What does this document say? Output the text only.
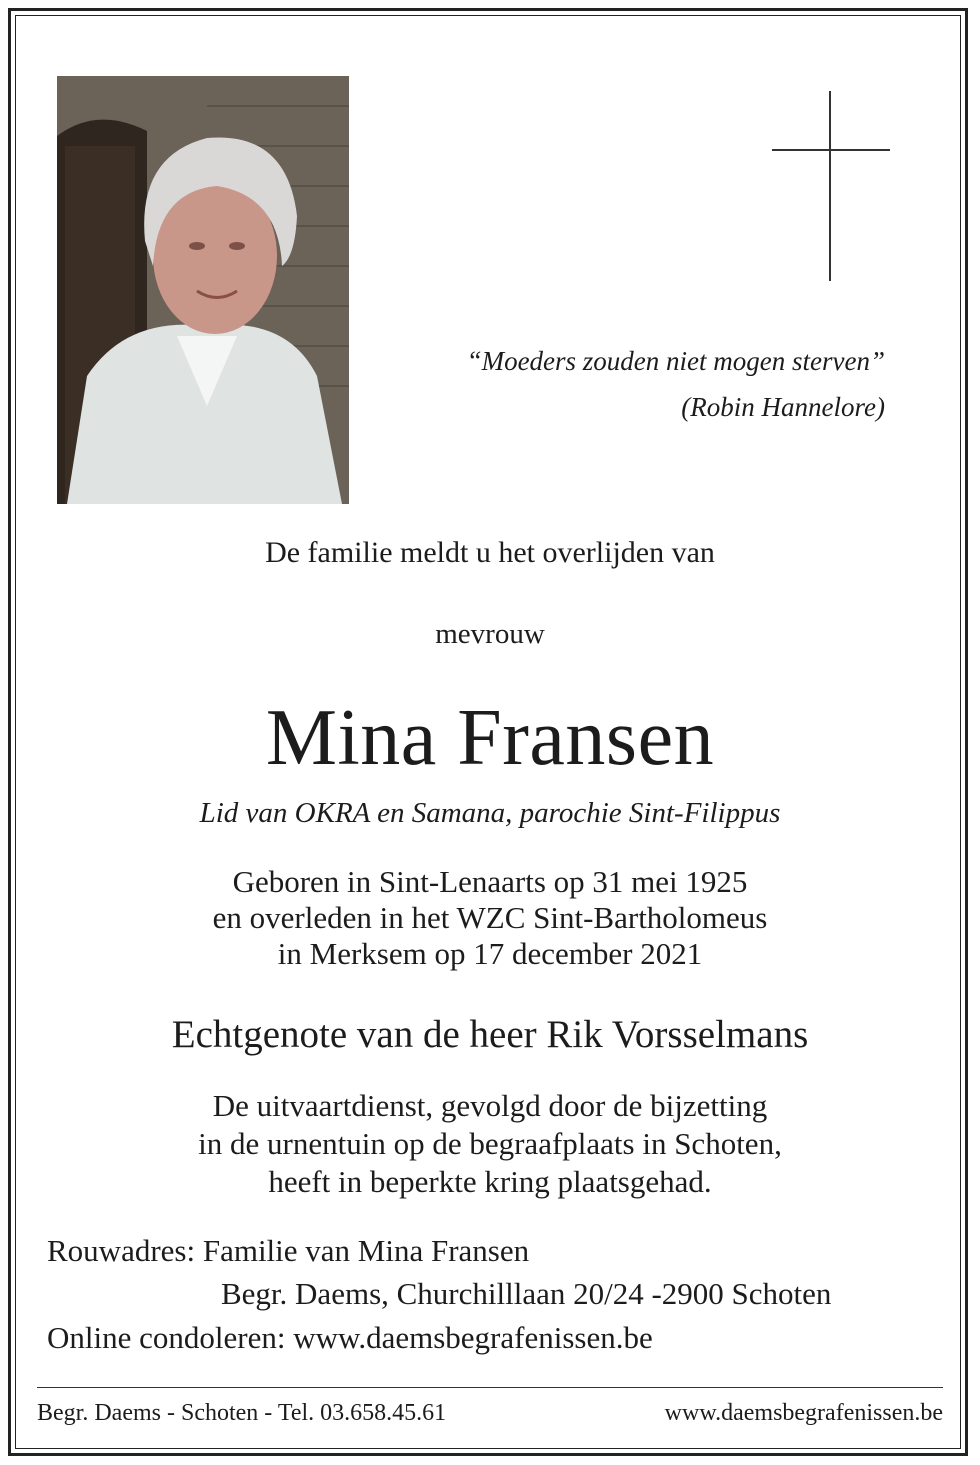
“Moeders zouden niet mogen sterven”
(Robin Hannelore)
De familie meldt u het overlijden van
mevrouw
Mina Fransen
Lid van OKRA en Samana, parochie Sint-Filippus
Geboren in Sint-Lenaarts op 31 mei 1925
en overleden in het WZC Sint-Bartholomeus
in Merksem op 17 december 2021
Echtgenote van de heer Rik Vorsselmans
De uitvaartdienst, gevolgd door de bijzetting
in de urnentuin op de begraafplaats in Schoten,
heeft in beperkte kring plaatsgehad.
Rouwadres: Familie van Mina Fransen
Begr. Daems, Churchilllaan 20/24 -2900 Schoten
Online condoleren: www.daemsbegrafenissen.be
Begr. Daems - Schoten - Tel. 03.658.45.61	www.daemsbegrafenissen.be
